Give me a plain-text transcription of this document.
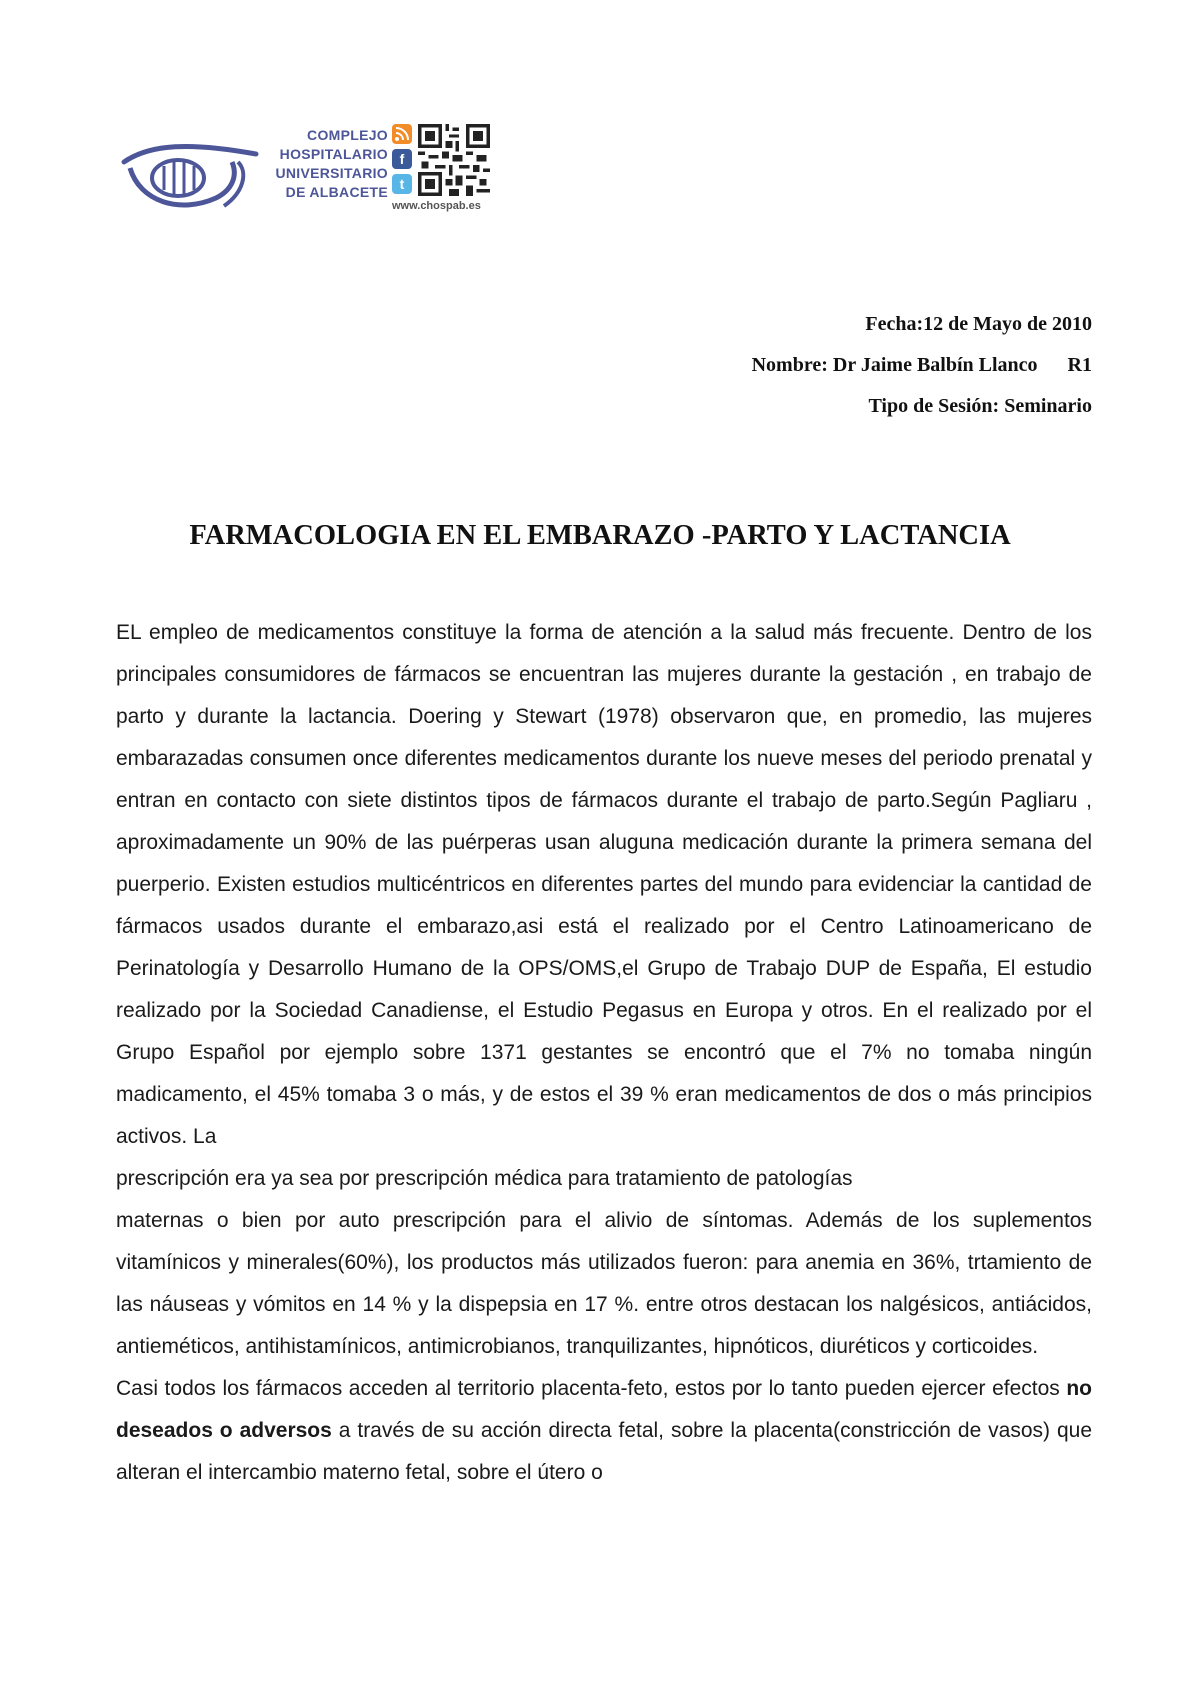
COMPLEJO
HOSPITALARIO
UNIVERSITARIO
DE ALBACETE
f
t
www.chospab.es
Fecha:12 de Mayo de 2010
Nombre: Dr Jaime Balbín Llanco R1
Tipo de Sesión: Seminario
FARMACOLOGIA EN EL EMBARAZO -PARTO Y LACTANCIA

EL empleo de medicamentos constituye la forma de atención a la salud más frecuente. Dentro de los principales consumidores de fármacos se encuentran las mujeres durante la gestación , en trabajo de parto y durante la lactancia. Doering y Stewart (1978) observaron que, en promedio, las mujeres embarazadas consumen once diferentes medicamentos durante los nueve meses del periodo prenatal y entran en contacto con siete distintos tipos de fármacos durante el trabajo de parto.Según Pagliaru , aproximadamente un 90% de las puérperas usan aluguna medicación durante la primera semana del puerperio. Existen estudios multicéntricos en diferentes partes del mundo para evidenciar la cantidad de fármacos usados durante el embarazo,asi está el realizado por el Centro Latinoamericano de Perinatología y Desarrollo Humano de la OPS/OMS,el Grupo de Trabajo DUP de España, El estudio realizado por la Sociedad Canadiense, el Estudio Pegasus en Europa y otros. En el realizado por el Grupo Español por ejemplo sobre 1371 gestantes se encontró que el 7% no tomaba ningún madicamento, el 45% tomaba 3 o más, y de estos el 39 % eran medicamentos de dos o más principios activos. La

prescripción era ya sea por prescripción médica para tratamiento de patologías

maternas o bien por auto prescripción para el alivio de síntomas. Además de los suplementos vitamínicos y minerales(60%), los productos más utilizados fueron: para anemia en 36%, trtamiento de las náuseas y vómitos en 14 % y la dispepsia en 17 %. entre otros destacan los nalgésicos, antiácidos, antieméticos, antihistamínicos, antimicrobianos, tranquilizantes, hipnóticos, diuréticos y corticoides.

Casi todos los fármacos acceden al territorio placenta-feto, estos por lo tanto pueden ejercer efectos no deseados o adversos a través de su acción directa fetal, sobre la placenta(constricción de vasos) que alteran el intercambio materno fetal, sobre el útero o
